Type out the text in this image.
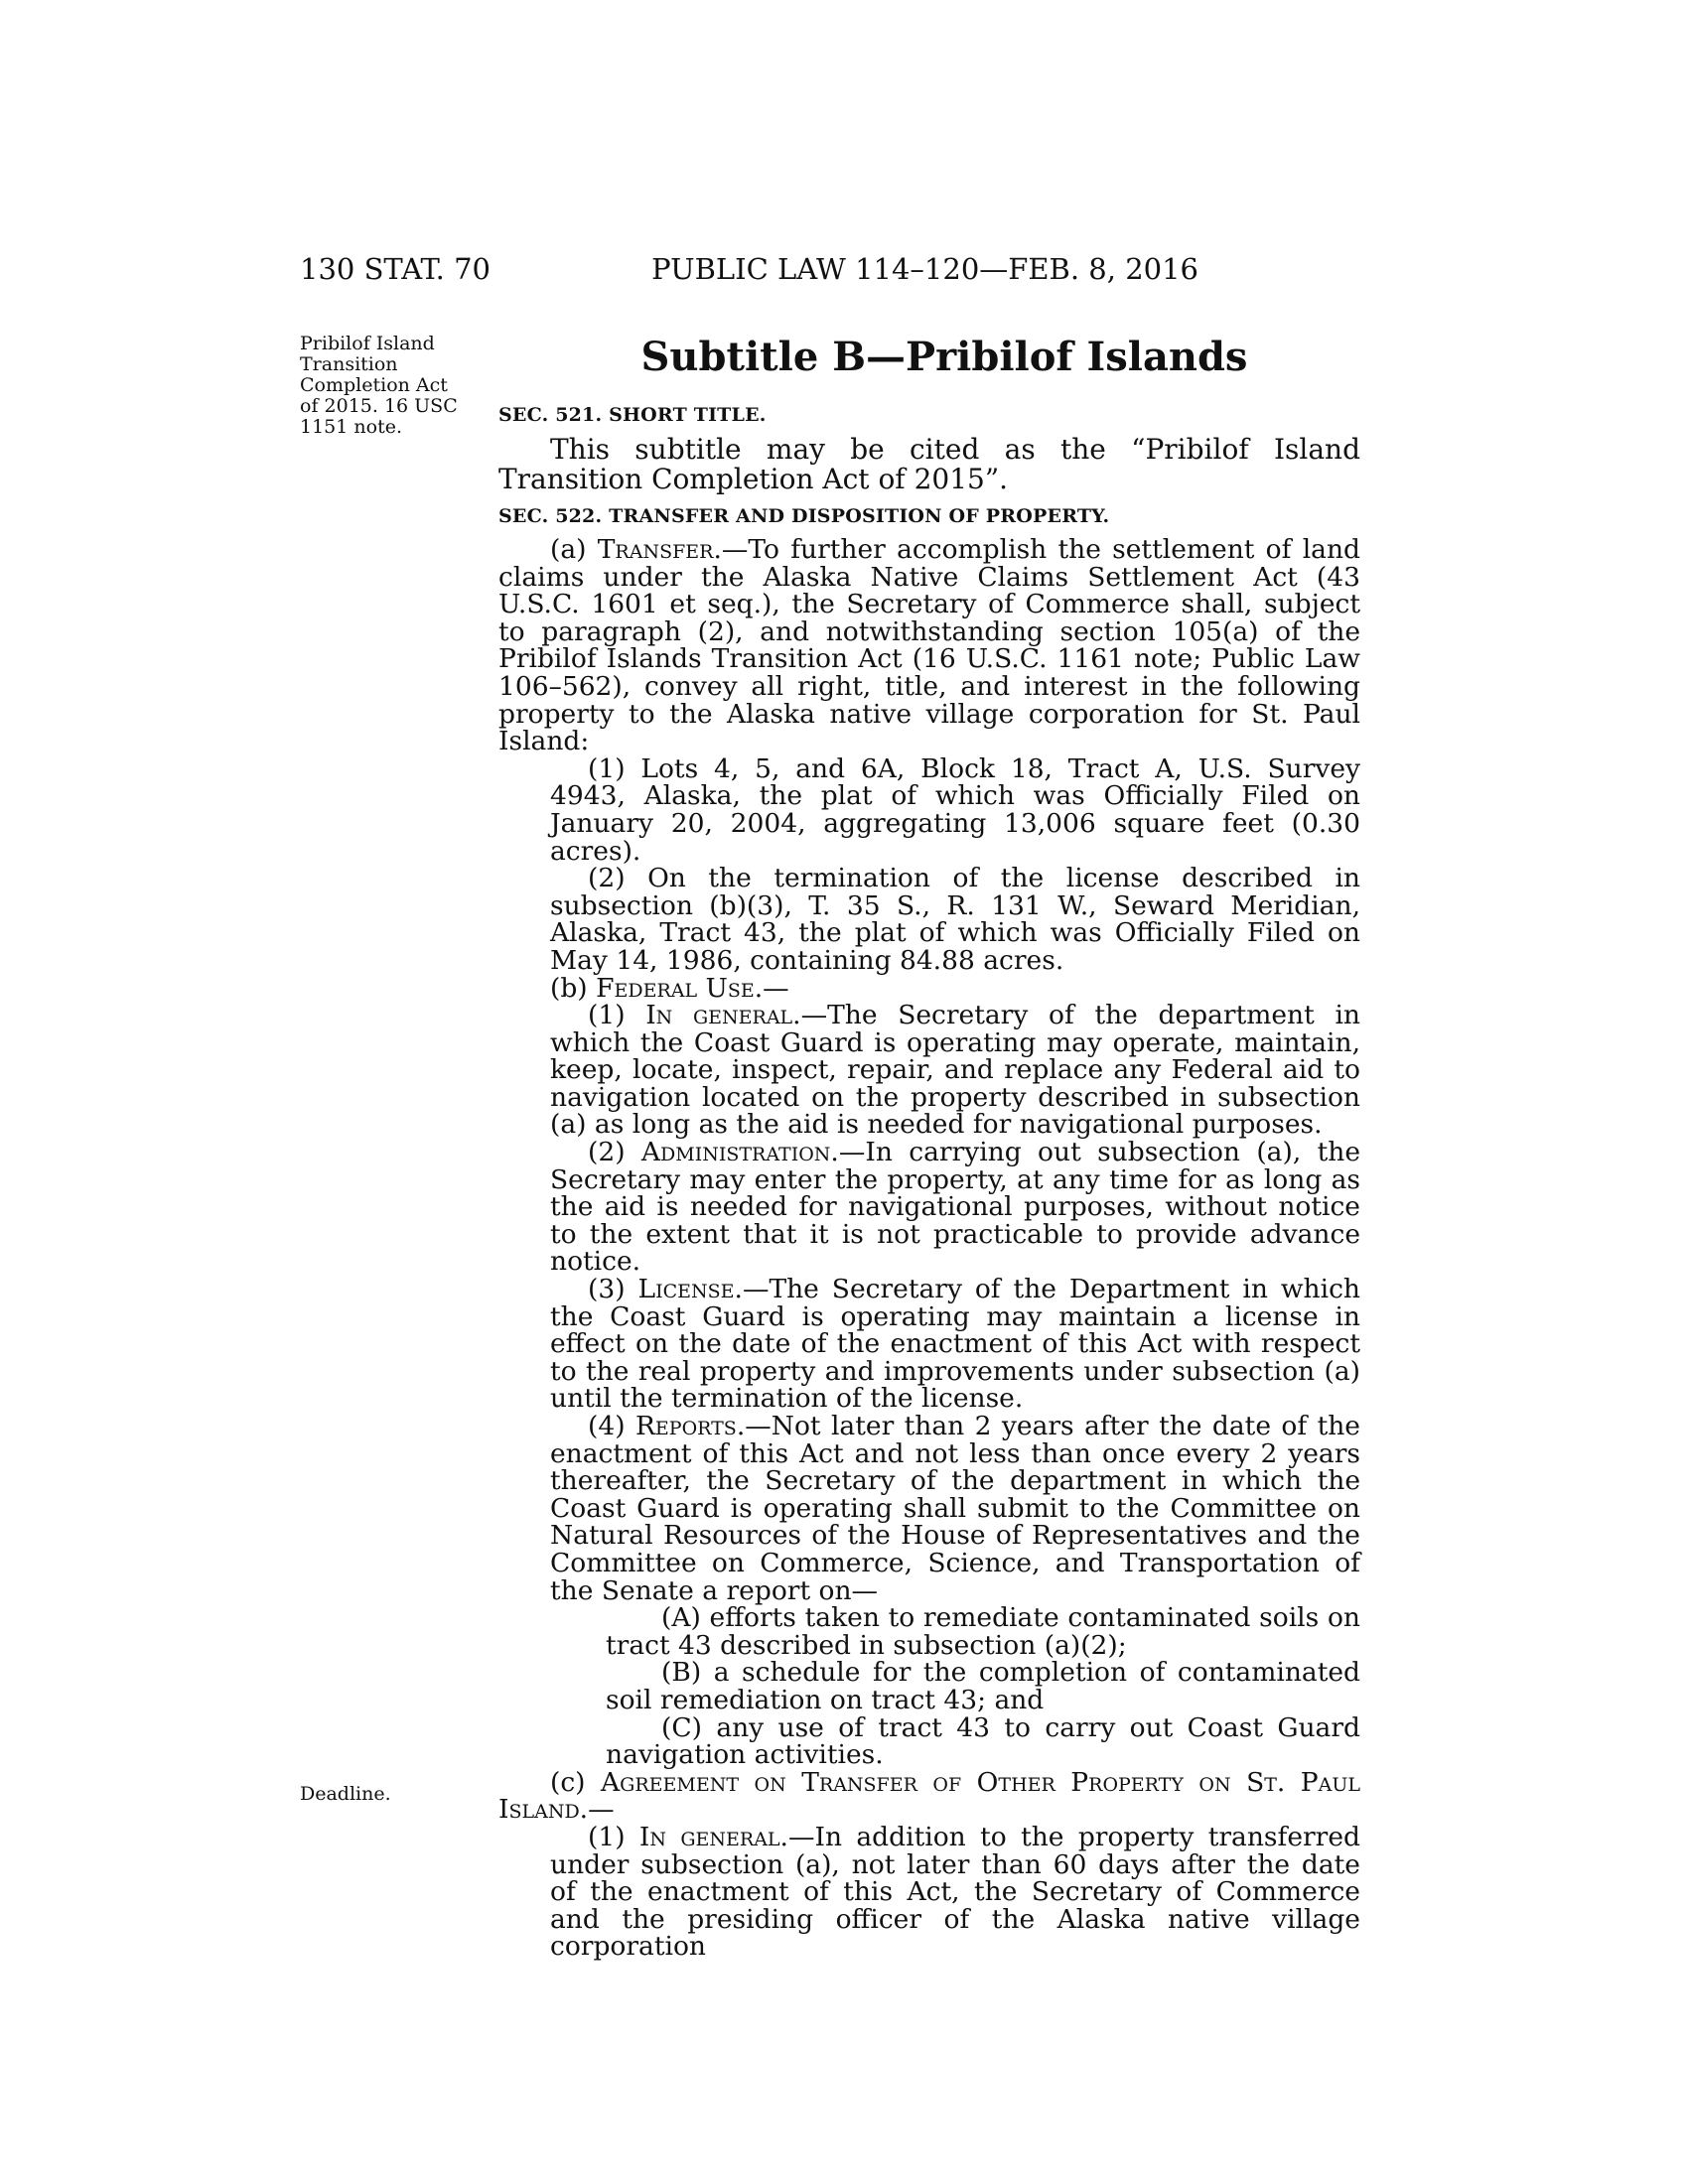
130 STAT. 70	PUBLIC LAW 114–120—FEB. 8, 2016
Pribilof Island Transition Completion Act of 2015. 16 USC 1151 note.
Deadline.
Subtitle B—Pribilof Islands
SEC. 521. SHORT TITLE.

This subtitle may be cited as the “Pribilof Island Transition Completion Act of 2015”.

SEC. 522. TRANSFER AND DISPOSITION OF PROPERTY.

(a) Transfer.—To further accomplish the settlement of land claims under the Alaska Native Claims Settlement Act (43 U.S.C. 1601 et seq.), the Secretary of Commerce shall, subject to paragraph (2), and notwithstanding section 105(a) of the Pribilof Islands Transition Act (16 U.S.C. 1161 note; Public Law 106–562), convey all right, title, and interest in the following property to the Alaska native village corporation for St. Paul Island:

(1) Lots 4, 5, and 6A, Block 18, Tract A, U.S. Survey 4943, Alaska, the plat of which was Officially Filed on January 20, 2004, aggregating 13,006 square feet (0.30 acres).

(2) On the termination of the license described in subsection (b)(3), T. 35 S., R. 131 W., Seward Meridian, Alaska, Tract 43, the plat of which was Officially Filed on May 14, 1986, containing 84.88 acres.

(b) Federal Use.—

(1) In general.—The Secretary of the department in which the Coast Guard is operating may operate, maintain, keep, locate, inspect, repair, and replace any Federal aid to navigation located on the property described in subsection (a) as long as the aid is needed for navigational purposes.

(2) Administration.—In carrying out subsection (a), the Secretary may enter the property, at any time for as long as the aid is needed for navigational purposes, without notice to the extent that it is not practicable to provide advance notice.

(3) License.—The Secretary of the Department in which the Coast Guard is operating may maintain a license in effect on the date of the enactment of this Act with respect to the real property and improvements under subsection (a) until the termination of the license.

(4) Reports.—Not later than 2 years after the date of the enactment of this Act and not less than once every 2 years thereafter, the Secretary of the department in which the Coast Guard is operating shall submit to the Committee on Natural Resources of the House of Representatives and the Committee on Commerce, Science, and Transportation of the Senate a report on—

(A) efforts taken to remediate contaminated soils on tract 43 described in subsection (a)(2);

(B) a schedule for the completion of contaminated soil remediation on tract 43; and

(C) any use of tract 43 to carry out Coast Guard navigation activities.

(c) Agreement on Transfer of Other Property on St. Paul Island.—

(1) In general.—In addition to the property transferred under subsection (a), not later than 60 days after the date of the enactment of this Act, the Secretary of Commerce and the presiding officer of the Alaska native village corporation
